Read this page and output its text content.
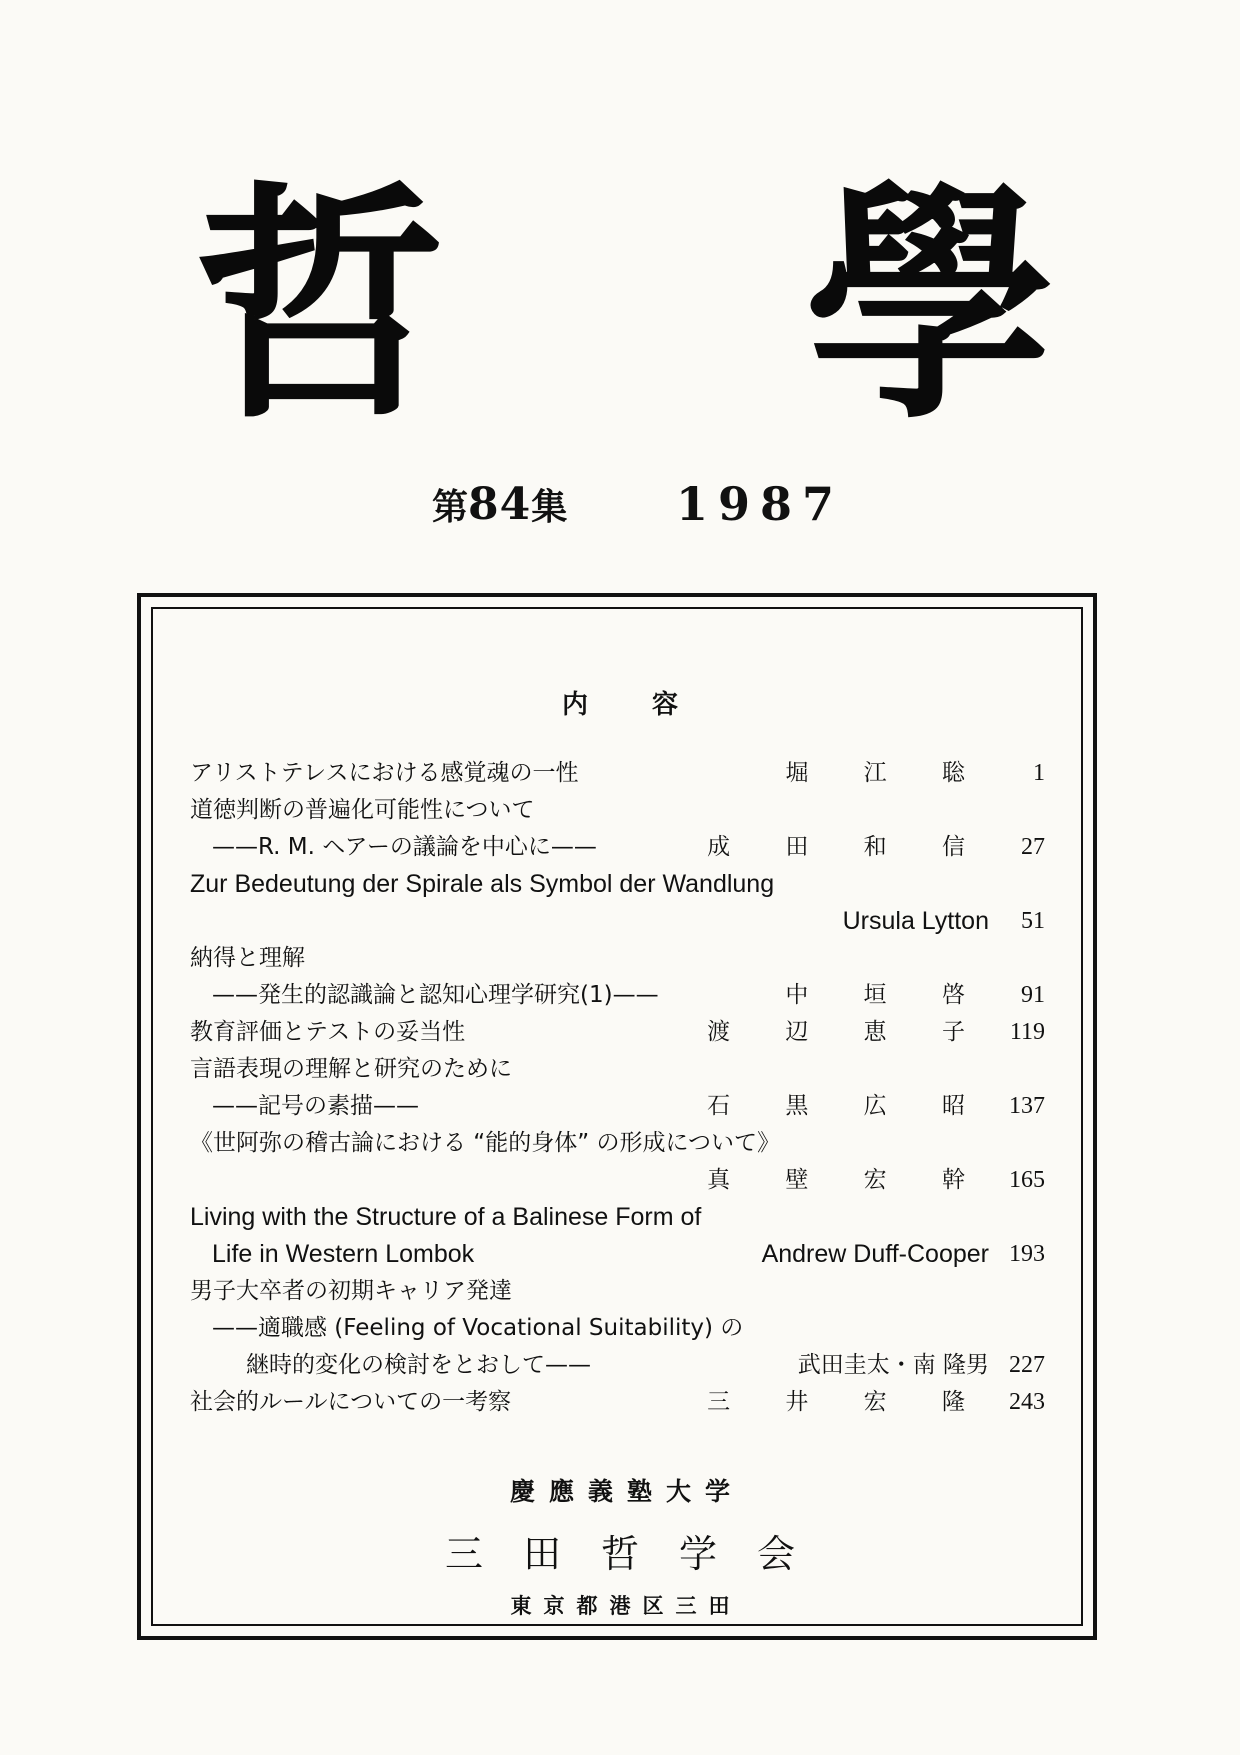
哲 學
第84集 1987
内容
アリストテレスにおける感覚魂の一性	堀 江 聡	1
道徳判断の普遍化可能性について
——R. M. ヘアーの議論を中心に——	成 田 和 信	27
Zur Bedeutung der Spirale als Symbol der Wandlung
Ursula Lytton	51
納得と理解
——発生的認識論と認知心理学研究(1)——	中 垣 啓	91
教育評価とテストの妥当性	渡 辺 恵 子 119
言語表現の理解と研究のために
——記号の素描——	石 黒 広 昭 137
《世阿弥の稽古論における “能的身体” の形成について》
真 壁 宏 幹 165
Living with the Structure of a Balinese Form of
Life in Western Lombok	Andrew Duff-Cooper 193
男子大卒者の初期キャリア発達
——適職感 (Feeling of Vocational Suitability) の
継時的変化の検討をとおして——	武田圭太・南 隆男 227
社会的ルールについての一考察	三 井 宏 隆 243
慶應義塾大学
三田哲学会
東京都港区三田
